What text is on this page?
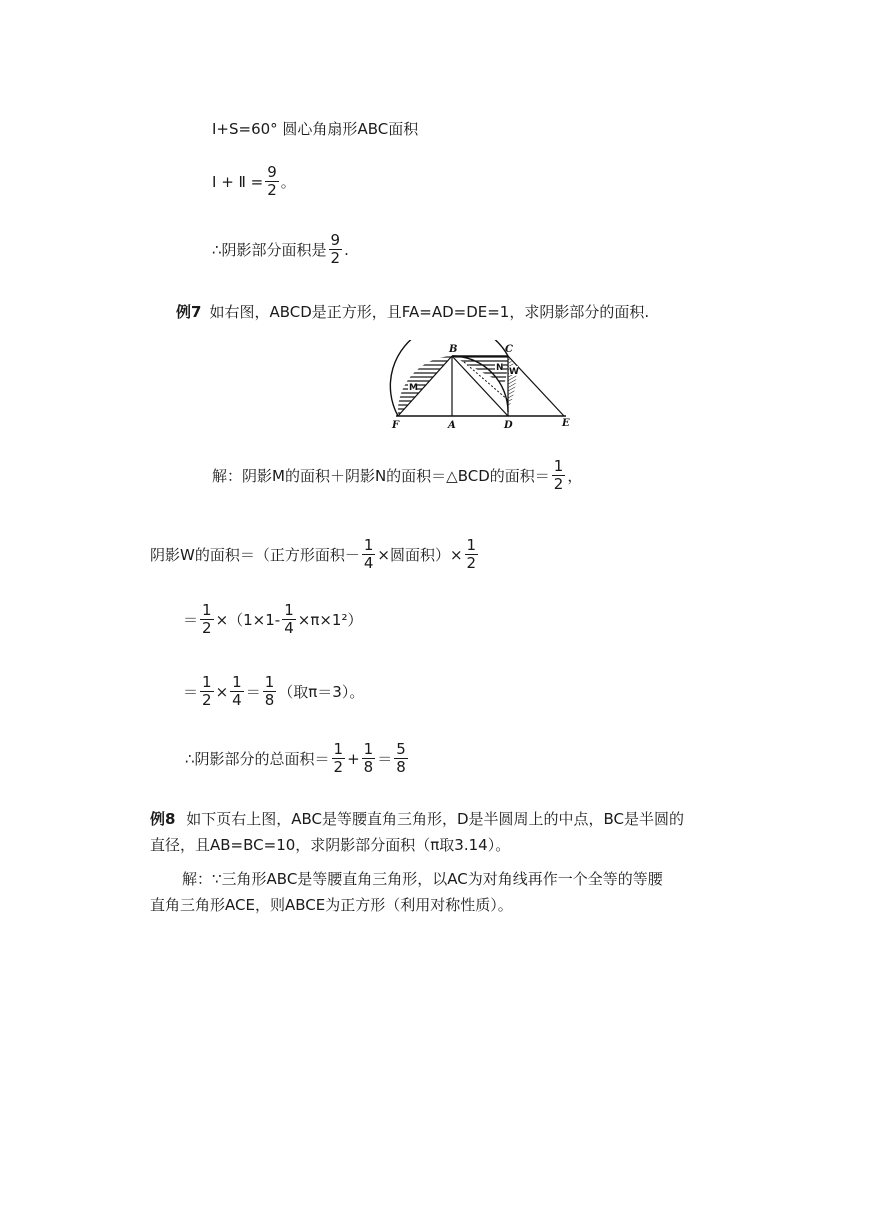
Ⅰ+S=60° 圆心角扇形ABC面积
Ⅰ + Ⅱ = $\frac{9}{2}$ 。
∴阴影部分面积是 $\frac{9}{2}$ .
例7 如右图，ABCD是正方形，且FA=AD=DE=1，求阴影部分的面积.
B	C
F	A	D	E
M
N W
解：阴影M的面积＋阴影N的面积＝△BCD的面积＝ $\frac{1}{2}$ ，
阴影W的面积＝（正方形面积－ $\frac{1}{4}$ ×圆面积）× $\frac{1}{2}$
＝ $\frac{1}{2} \times(1\times 1- \frac{1}{4} \times\pi\times 1^2)$
＝ $\frac{1}{2} \times \frac{1}{4} = \frac{1}{8}$ （取π＝3）。
∴阴影部分的总面积＝ $\frac{1}{2} + \frac{1}{8} = \frac{5}{8}$
例8 如下页右上图，ABC是等腰直角三角形，D是半圆周上的中点，BC是半圆的
直径，且AB=BC=10，求阴影部分面积（π取3.14）。
解：∵三角形ABC是等腰直角三角形，以AC为对角线再作一个全等的等腰
直角三角形ACE，则ABCE为正方形（利用对称性质）。
